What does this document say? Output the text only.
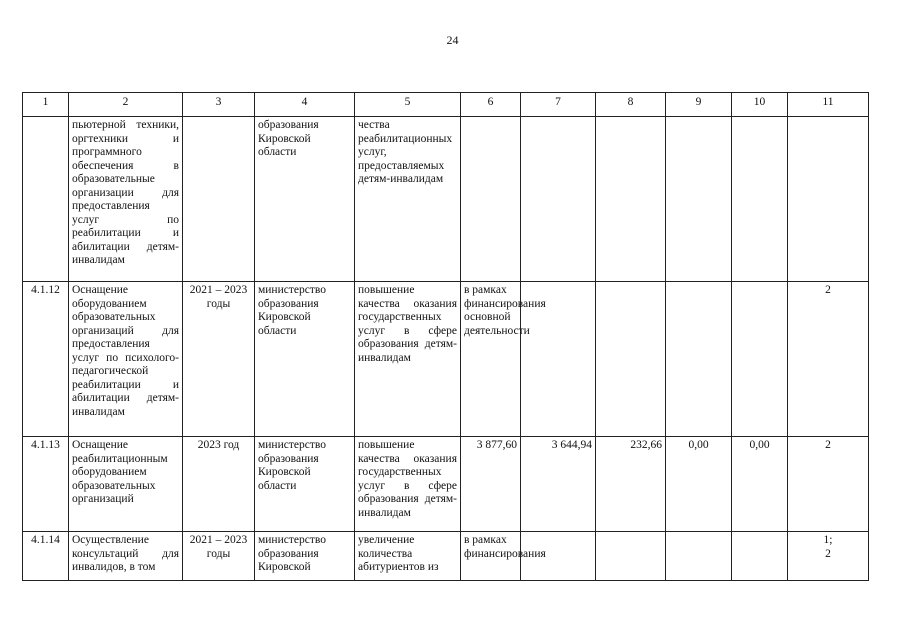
24
1	2	3	4	5	6	7	8	9	10	11
	пьютерной техники, оргтехники и программного обеспечения в образовательные организации для предоставления услуг по реабилитации и абилитации детям-инвалидам		образования
Кировской
области	чества реабилитационных услуг, предоставляемых детям-инвалидам						
4.1.12	Оснащение оборудованием образовательных организаций для предоставления услуг по психолого-педагогической реабилитации и абилитации детям-инвалидам	2021 – 2023 годы	министерство
образования
Кировской
области	повышение качества оказания государственных услуг в сфере образования детям-инвалидам	в рамках финансирования основной деятельности					2
4.1.13	Оснащение реабилитационным оборудованием образовательных организаций	2023 год	министерство
образования
Кировской
области	повышение качества оказания государственных услуг в сфере образования детям-инвалидам	3 877,60	3 644,94	232,66	0,00	0,00	2
4.1.14	Осуществление консультаций для инвалидов, в том	2021 – 2023 годы	министерство
образования
Кировской	увеличение количества абитуриентов из	в рамках финансирования					1;
2
